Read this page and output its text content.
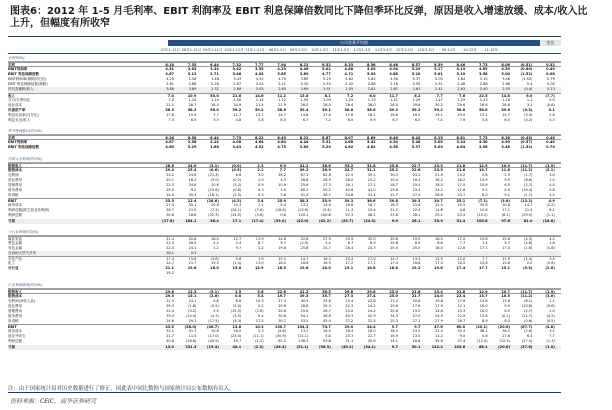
图表6：2012 年 1-5 月毛利率、EBIT 利润率及 EBIT 利息保障倍数同比下降但季环比反弹，原因是收入增速放缓、成本/收入比上升，但幅度有所收窄
公司业务平均值	变化
07年1-11月 08年1-11月 09年1-11月 10年1-11月 11年1-11月	08年1-5月	09年1-5月	10年1-5月	11年1-5月	11年1-2月	11年3-5月	12年1-2月	12年3-5月	09-11年	10-12年	11-12年
毛利率(%)
毛利	8.18	7.35	6.44	7.32	7.77	7.94	8.22	8.52	8.33	8.56	8.46	8.57	8.59	8.46	7.73	8.06	(0.51)	0.32
EBIT利润率	4.51	3.63	3.34	3.42	3.55	4.23	4.46	5.02	4.88	5.05	4.94	5.29	5.17	5.19	4.89	4.59	(0.60)	0.49
EBIT 利息保障倍数	4.67	3.12	2.71	3.46	4.02	3.85	3.89	4.77	4.71	5.03	4.86	5.20	5.01	5.10	3.58	5.00	(1.52)	0.08
EBIT利润率(剔除折旧后)	4.20	1.58	1.48	3.43	4.52	4.70	3.89	5.29	4.62	5.82	4.56	5.37	5.00	4.84	3.15	3.46	(1.52)	0.79
EBIT 利息保障倍数(剔除)	2.61	2.86	2.26	2.67	3.24	2.11	2.30	2.53	2.42	2.86	2.16	2.55	2.51	2.48	2.86	2.86	0.4	0.00
折旧及摊销/收入	3.88	3.89	2.32	2.89	3.05	2.63	2.69	2.91	2.55	2.81	2.61	2.61	2.41	2.63	2.40	2.55	(0.4)	0.13
收入	7.0	10.9	30.0	21.6	14.6	11.2	13.8	8.1	7.2	6.0	11.7	6.2	7.7	7.6	22.5	14.8	6.0	(7.7)
当月/当季同比	7.0	1.20	1.10	1.00	1.14	1.12	1.05	1.09	1.29	1.23	1.11	1.29	1.27	1.29	1.23	1.18	1.1	0.0
营业成本	21.1	26.7	18.4	20.9	21.4	21.9	26.0	26.0	26.4	28.0	28.0	29.6	30.2	29.6	26.6	26.6	3.1	(0.6)
负债资产率	58.3	58.2	58.0	59.2	59.2	58.6	59.4	59.1	58.8	58.6	59.2	59.2	59.2	58.8	58.8	59.6	(0.3)	0.1
利息负担率(百分比)	17.6	15.9	7.7	11.7	13.7	14.7	14.8	17.8	17.6	18.1	16.6	16.0	19.1	19.0	13.1	15.7	(3.3)	2.8
利息支出/收入	7.3	8.5	3.3	4.8	5.8	6.0	6.7	7.2	6.0	5.9	6.7	6.0	7.0	7.9	5.8	6.5	(0.2)	0.3
季节性调整后(同比%)
毛利	8.26	6.58	6.44	7.75	8.22	8.43	8.22	8.67	8.07	8.89	8.46	8.42	8.15	8.61	7.73	8.28	(0.43)	0.46
EBIT利润率	4.67	2.58	2.14	4.08	4.64	4.84	4.44	5.31	4.68	5.42	4.54	5.48	5.00	5.24	4.30	4.90	(0.57)	0.40
EBIT 利息保障倍数	4.60	3.29	1.68	3.43	4.52	4.75	3.89	5.29	4.62	4.82	4.56	5.37	5.00	4.84	3.96	3.46	(1.52)	0.79
总收入与利润(同比%)
销售收入	28.6	24.0	(3.1)	(0.0)	2.3	9.0	41.2	38.6	33.2	31.8	25.6	22.7	23.3	21.8	12.9	10.9	(11.7)	(1.9)
销售成本	29.4	25.4	(0.6)	(0.5)	2.1	7.7	39.2	36.9	32.7	31.1	25.2	22.6	23.5	21.6	13.7	11.6	(11.2)	(2.1)
毛利润	22.2	24.6	(21.3)	6.6	3.0	26.2	67.1	62.8	42.5	39.1	30.3	24.2	21.9	24.2	2.6	2.3	(1.7)	3.0
营业费用	20.1	16.2	(3.0)	(0.2)	1.9	4.3	28.8	28.5	26.0	25.2	19.4	16.4	18.2	16.2	14.9	9.9	(6.6)	1.0
管理费用	22.3	34.6	10.6	(3.2)	0.9	10.9	25.6	27.3	26.1	27.1	18.7	19.4	18.0	17.0	10.6	6.5	(2.7)	4.0
财务费用	29.5	9.2	(20.6)	(0.8)	4.3	3.9	60.1	50.2	40.6	41.0	29.6	23.4	24.2	21.6	9.2	4.0	(19.4)	0.8
所得税	14.5	35.3	(18.1)	(2.0)	0.3	3.6	51.4	36.7	34.8	33.4	21.7	27.5	26.6	20.7	6.0	9.1	(1.7)	1.2
EBIT	23.3	22.4	(28.6)	(4.5)	2.4	25.9	58.2	55.9	39.3	36.6	29.8	29.3	30.7	25.1	(7.1)	(3.8)	(13.2)	4.9
财务成本	27.4	30.1	10.8	10.3	7.1	5.4	13.2	14.9	16.6	18.7	18.3	21.6	22.0	20.5	30.6	30.6	14.7	(2.2)
利润总额(除主营业务利润)	26.7	21.5	(7.2)	(26.1)	(7.6)	(16.6)	(12.9)	(3.4)	11.3	10.4	21.2	22.4	14.6	4.6	10.6	17.1	21.4	8.2
利润总额	30.8	18.8	(32.3)	(14.5)	(5.8)	0.8	120.1	100.8	52.3	48.2	33.6	28.1	29.1	23.4	(10.2)	(6.2)	(29.5)	(1.1)
亏损	(17.6)	184.1	36.4	17.1	(17.4)	(33.0)	(42.0)	(42.2)	(29.7)	(24.3)	9.9	26.1	33.9	51.4	105.8	97.6	81.0	(18.8)
分行业利润(同比%)
煤炭采选	21.4	20.6	16.0	12.7	11.9	14.6	22.6	27.9	29.5	32.0	20.8	19.9	18.5	17.0	15.6	15.6	(4.3)	4.2
黑色金属	22.3	26.5	2.2	2.4	8.7	9.7	(2.9)	2.4	8.7	8.9	10.8	8.9	8.8	7.7	7.4	5.7	(4.6)	1.6
有色金属	22.3	24.1	1.2	9.7	1.2	19.8	25.8	24.7	28.4	24.3	25.0	20.0	18.0	12.8	17.1	17.4	(1.6)	(1.8)
石油和天然气开采	18.1	0.3
石化产品	17.4	15.6	(3.6)	0.6	1.9	15.1	14.7	16.3	13.4	17.0	14.7	13.3	12.5	12.0	7.7	11.9	(1.4)	3.4
化工	24.7	21.7	15.5	(1.0)	13.0	18.0	18.8	16.9	17.2	17.1	17.4	16.8	17.0	16.5	15.6	15.6	2.0	(2.6)
分行业	21.1	19.8	18.0	15.6	13.9	18.5	19.8	20.0	19.1	19.8	18.6	19.2	19.6	17.4	17.7	15.1	(0.3)	(2.6)
19.2
行业利润增速(同比%)
销售收入	29.6	12.3	(3.1)	1.5	5.6	22.6	41.2	36.5	29.8	29.8	25.0	21.8	23.4	21.8	12.9	10.7	(11.7)	(1.9)
销售成本	29.3	15.1	(2.6)	0.8	5.4	19.7	39.3	35.7	27.3	27.4	25.0	21.7	24.0	22.4	13.7	10.5	(11.2)	(3.0)
毛利润(净收入品)	22.3	24.1	0.8	6.8	10.3	27.3	30.9	25.6	25.4	22.8	23.2	20.8	19.8	17.6	14.8	13.6	(6.1)	1.2
营业费用	39.3	(1.8)	(5.5)	(3.0)	0.2	19.8	28.8	29.3	22.3	24.2	19.6	17.6	17.9	12.1	16.0	9.9	(10.8)	(0.6)
管理费用	22.4	(0.2)	5.5	(15.0)	(2.8)	20.6	25.6	26.7	24.0	24.4	20.8	19.2	14.8	13.3	10.0	6.5	(2.7)	2.0
财务费用	33.4	(14.5)	(4.3)	(3.5)	0.4	30.8	54.1	46.8	40.3	42.9	34.3	27.0	24.5	22.9	13.6	(0.2)	(21.7)	(4.2)
所得税	24.6	29.2	(17.5)	(4.3)	17.5	30.7	53.5	45.9	37.2	32.5	25.3	27.1	27.9	26.7	8.9	8.0	(0.6)	(0.5)
EBIT	43.5	(38.0)	(46.7)	13.8	10.3	130.7	194.3	74.7	29.0	24.4	9.7	9.7	47.6	60.0	(20.1)	(20.6)	(87.7)	(4.8)
财务成本	33.1	31.7	10.6	16.0	2.3	(4.8)	13.2	16.0	18.4	18.0	18.3	23.5	22.4	30.4	36.1	36.2	(2.6)	3.1
营业外收支	21.7	11.5	(17.0)	(23.0)	(11.1)	(30.9)	(21.1)	5.8	23.3	22.7	16.9	13.5	14.2	9.0	5.8	17.6	6.4	7.7
利润总额	40.6	(28.6)	(40.9)	10.7	(1.2)	61.2	136.3	93.8	31.1	30.6	14.1	18.6	35.6	37.4	(12.4)	(12.5)	(27.5)	(1.3)
亏损	13.0	231.3	(19.4)	48.1	(2.3)	(26.4)	(51.1)	(58.5)	(40.2)	(34.1)	9.7	50.1	132.2	105.6	68.1	(20.6)	(37.6)	(1.0)
注：由于国家统计局对历史数据进行了修正，因此表中同比数据与国家统计局公布数据有出入。
资料来源：CEIC，高华证券研究
